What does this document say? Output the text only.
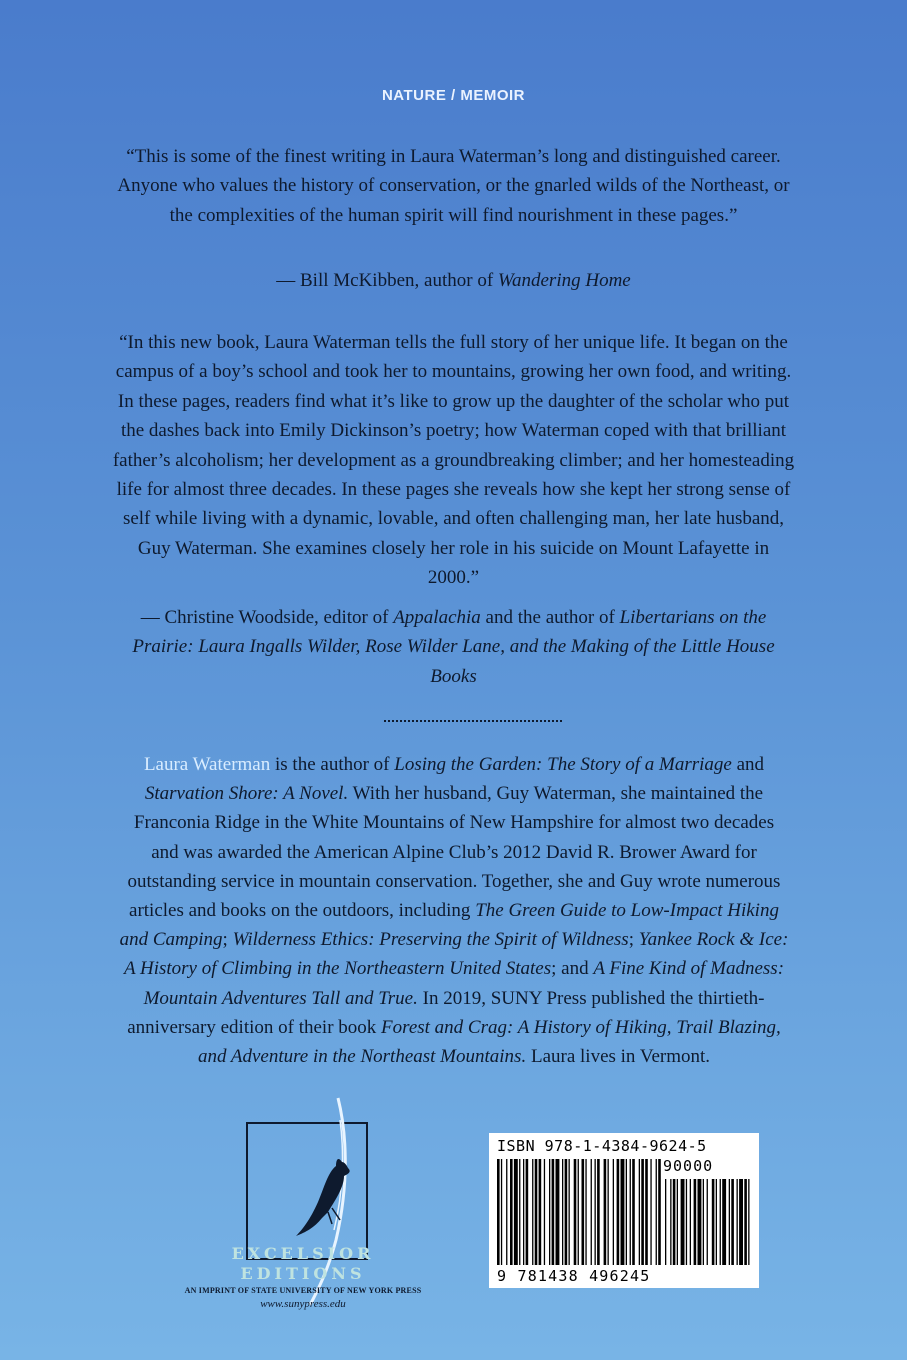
NATURE / MEMOIR

“This is some of the finest writing in Laura Waterman’s long and distinguished career. Anyone who values the history of conservation, or the gnarled wilds of the Northeast, or the complexities of the human spirit will find nourishment in these pages.”

— Bill McKibben, author of Wandering Home

“In this new book, Laura Waterman tells the full story of her unique life. It began on the campus of a boy’s school and took her to mountains, growing her own food, and writing. In these pages, readers find what it’s like to grow up the daughter of the scholar who put the dashes back into Emily Dickinson’s poetry; how Waterman coped with that brilliant father’s alcoholism; her development as a groundbreaking climber; and her homesteading life for almost three decades. In these pages she reveals how she kept her strong sense of self while living with a dynamic, lovable, and often challenging man, her late husband, Guy Waterman. She examines closely her role in his suicide on Mount Lafayette in 2000.”

— Christine Woodside, editor of Appalachia and the author of Libertarians on the Prairie: Laura Ingalls Wilder, Rose Wilder Lane, and the Making of the Little House Books

Laura Waterman is the author of Losing the Garden: The Story of a Marriage and Starvation Shore: A Novel. With her husband, Guy Waterman, she maintained the Franconia Ridge in the White Mountains of New Hampshire for almost two decades and was awarded the American Alpine Club’s 2012 David R. Brower Award for outstanding service in mountain conservation. Together, she and Guy wrote numerous articles and books on the outdoors, including The Green Guide to Low-Impact Hiking and Camping; Wilderness Ethics: Preserving the Spirit of Wildness; Yankee Rock & Ice: A History of Climbing in the Northeastern United States; and A Fine Kind of Madness: Mountain Adventures Tall and True. In 2019, SUNY Press published the thirtieth-anniversary edition of their book Forest and Crag: A History of Hiking, Trail Blazing, and Adventure in the Northeast Mountains. Laura lives in Vermont.

EXCELSIOR

EDITIONS

AN IMPRINT OF STATE UNIVERSITY OF NEW YORK PRESS

www.sunypress.edu

ISBN 978-1-4384-9624-5
90000
9 781438 496245
